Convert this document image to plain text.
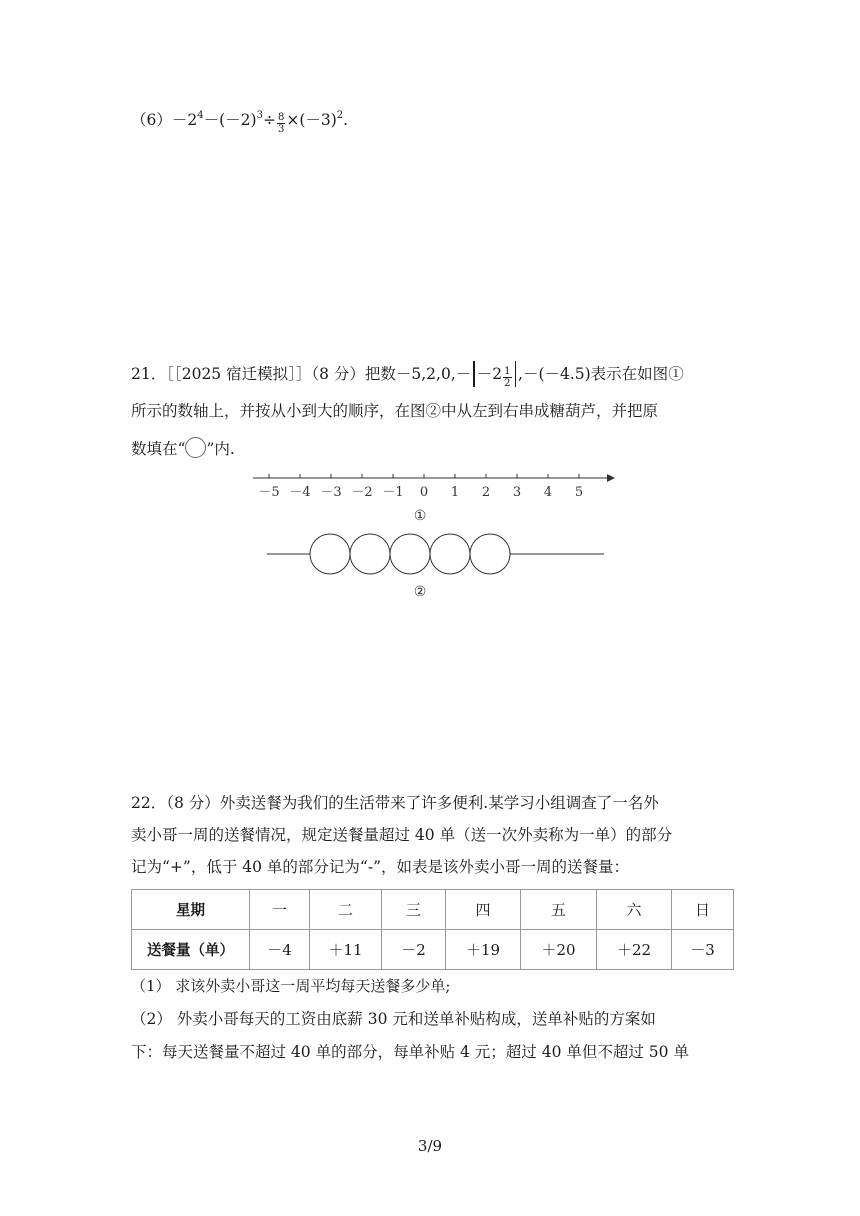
$(6)-2^4-(-2)^3\div \frac{8}{3} \times(-3)^2$.
21．［［2025 宿迁模拟］］（8 分）把数$-5,2,0,- -2 \frac{1}{2} ,-(-4.5)$表示在如图①
所示的数轴上，并按从小到大的顺序，在图②中从左到右串成糖葫芦，并把原
数填在“ ”内.
－5 －4 －3 －2 －1 0 1 2 3 4 5
①
②
22．（8 分）外卖送餐为我们的生活带来了许多便利.某学习小组调查了一名外
卖小哥一周的送餐情况，规定送餐量超过 40 单（送一次外卖称为一单）的部分
记为“+”，低于 40 单的部分记为“-”，如表是该外卖小哥一周的送餐量：
星期	一	二	三	四	五	六	日
送餐量（单）	－4	＋11	－2	＋19	＋20	＋22	－3
（1） 求该外卖小哥这一周平均每天送餐多少单;
（2） 外卖小哥每天的工资由底薪 30 元和送单补贴构成，送单补贴的方案如
下：每天送餐量不超过 40 单的部分，每单补贴 4 元；超过 40 单但不超过 50 单
3/9
